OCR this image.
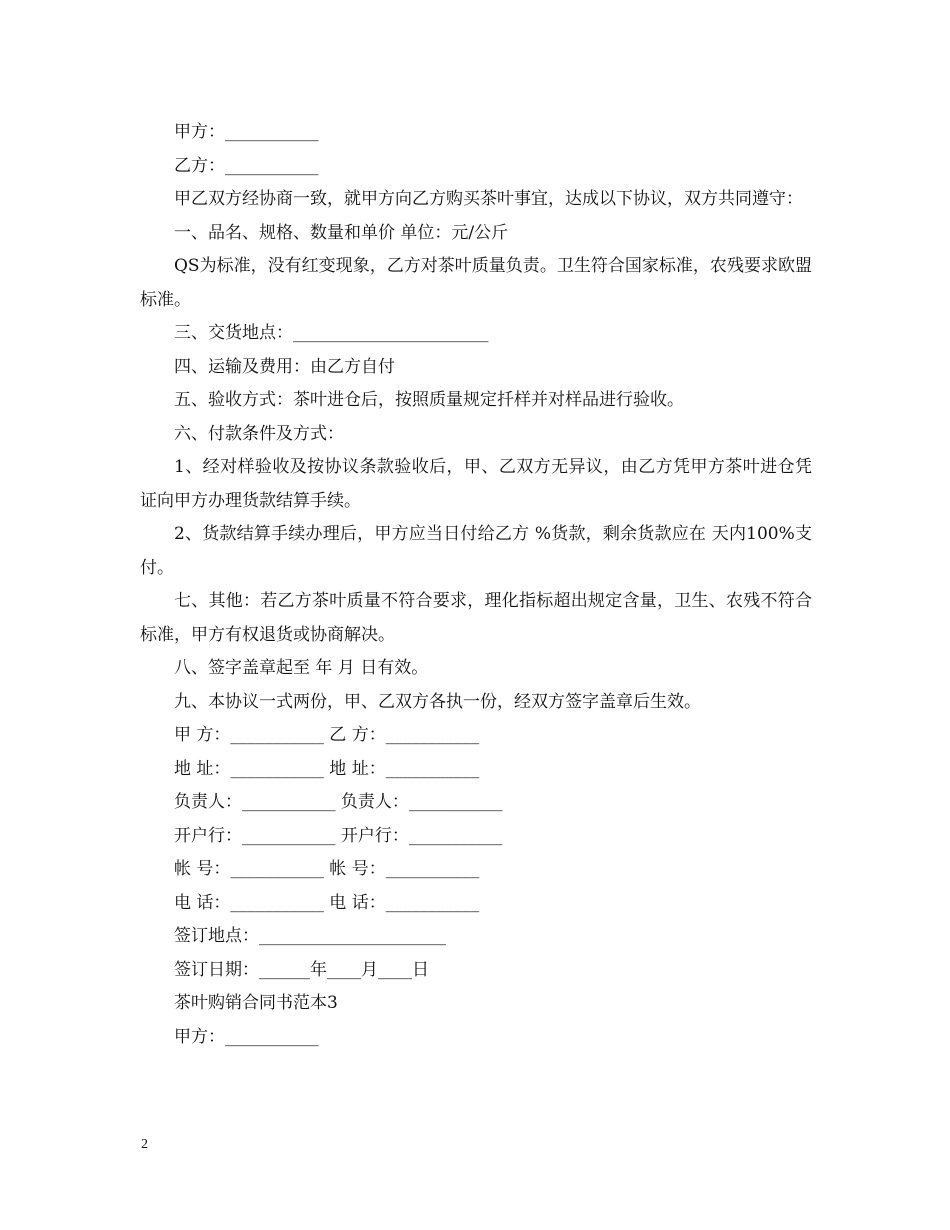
甲方：___________

乙方：___________

甲乙双方经协商一致，就甲方向乙方购买茶叶事宜，达成以下协议，双方共同遵守：

一、品名、规格、数量和单价 单位：元/公斤

QS为标准，没有红变现象，乙方对茶叶质量负责。卫生符合国家标准，农残要求欧盟标准。

三、交货地点：_______________________

四、运输及费用：由乙方自付

五、验收方式：茶叶进仓后，按照质量规定扦样并对样品进行验收。

六、付款条件及方式：

1、经对样验收及按协议条款验收后，甲、乙双方无异议，由乙方凭甲方茶叶进仓凭证向甲方办理货款结算手续。

2、货款结算手续办理后，甲方应当日付给乙方 %货款，剩余货款应在 天内100%支付。

七、其他：若乙方茶叶质量不符合要求，理化指标超出规定含量，卫生、农残不符合标准，甲方有权退货或协商解决。

八、签字盖章起至 年 月 日有效。

九、本协议一式两份，甲、乙双方各执一份，经双方签字盖章后生效。

甲 方：___________ 乙 方：___________

地 址：___________ 地 址：___________

负责人：___________ 负责人：___________

开户行：___________ 开户行：___________

帐 号：___________ 帐 号：___________

电 话：___________ 电 话：___________

签订地点：______________________

签订日期：______年____月____日

茶叶购销合同书范本3

甲方：___________

2
